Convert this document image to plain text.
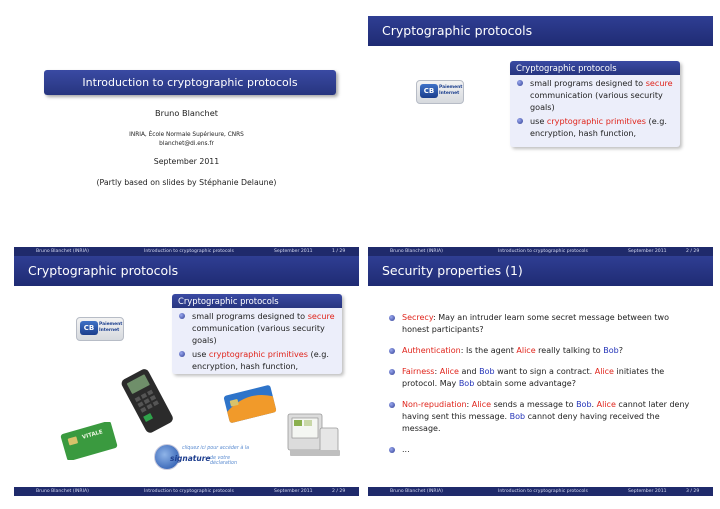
Introduction to cryptographic protocols
Bruno Blanchet
INRIA, École Normale Supérieure, CNRS
blanchet@di.ens.fr
September 2011
(Partly based on slides by Stéphanie Delaune)
Bruno Blanchet (INRIA)	Introduction to cryptographic protocols	September 2011	1 / 29
Cryptographic protocols
CB	Paiement
Internet
Cryptographic protocols
small programs designed to secure communication (various security goals)
use cryptographic primitives (e.g. encryption, hash function,
Bruno Blanchet (INRIA)	Introduction to cryptographic protocols	September 2011	2 / 29
Cryptographic protocols
CB	Paiement
Internet
Cryptographic protocols
small programs designed to secure communication (various security goals)
use cryptographic primitives (e.g. encryption, hash function,
VITALE
cliquez ici pour accéder à la
signature de votre déclaration
Bruno Blanchet (INRIA)	Introduction to cryptographic protocols	September 2011	2 / 29
Security properties (1)
Secrecy: May an intruder learn some secret message between two honest participants?
Authentication: Is the agent Alice really talking to Bob?
Fairness: Alice and Bob want to sign a contract. Alice initiates the protocol. May Bob obtain some advantage?
Non-repudiation: Alice sends a message to Bob. Alice cannot later deny having sent this message. Bob cannot deny having received the message.
...
Bruno Blanchet (INRIA)	Introduction to cryptographic protocols	September 2011	3 / 29
